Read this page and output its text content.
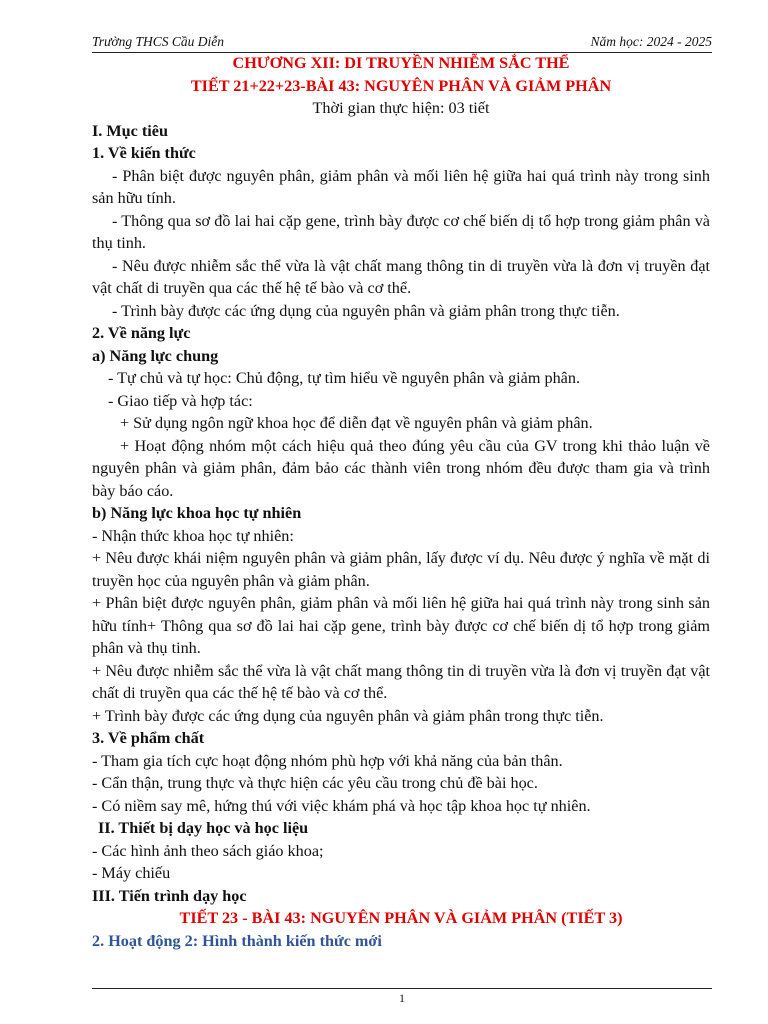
Trường THCS Cầu Diễn	Năm học: 2024 - 2025

CHƯƠNG XII: DI TRUYỀN NHIỄM SẮC THỂ

TIẾT 21+22+23-BÀI 43: NGUYÊN PHÂN VÀ GIẢM PHÂN

Thời gian thực hiện: 03 tiết

I. Mục tiêu

1. Về kiến thức

- Phân biệt được nguyên phân, giảm phân và mối liên hệ giữa hai quá trình này trong sinh sản hữu tính.

- Thông qua sơ đồ lai hai cặp gene, trình bày được cơ chế biến dị tổ hợp trong giảm phân và thụ tinh.

- Nêu được nhiễm sắc thể vừa là vật chất mang thông tin di truyền vừa là đơn vị truyền đạt vật chất di truyền qua các thế hệ tế bào và cơ thể.

- Trình bày được các ứng dụng của nguyên phân và giảm phân trong thực tiễn.

2. Về năng lực

a) Năng lực chung

- Tự chủ và tự học: Chủ động, tự tìm hiểu về nguyên phân và giảm phân.

- Giao tiếp và hợp tác:

+ Sử dụng ngôn ngữ khoa học để diễn đạt về nguyên phân và giảm phân.

+ Hoạt động nhóm một cách hiệu quả theo đúng yêu cầu của GV trong khi thảo luận về nguyên phân và giảm phân, đảm bảo các thành viên trong nhóm đều được tham gia và trình bày báo cáo.

b) Năng lực khoa học tự nhiên

- Nhận thức khoa học tự nhiên:

+ Nêu được khái niệm nguyên phân và giảm phân, lấy được ví dụ. Nêu được ý nghĩa về mặt di truyền học của nguyên phân và giảm phân.

+ Phân biệt được nguyên phân, giảm phân và mối liên hệ giữa hai quá trình này trong sinh sản hữu tính+ Thông qua sơ đồ lai hai cặp gene, trình bày được cơ chế biến dị tổ hợp trong giảm phân và thụ tinh.

+ Nêu được nhiễm sắc thể vừa là vật chất mang thông tin di truyền vừa là đơn vị truyền đạt vật chất di truyền qua các thế hệ tế bào và cơ thể.

+ Trình bày được các ứng dụng của nguyên phân và giảm phân trong thực tiễn.

3. Về phẩm chất

- Tham gia tích cực hoạt động nhóm phù hợp với khả năng của bản thân.

- Cẩn thận, trung thực và thực hiện các yêu cầu trong chủ đề bài học.

- Có niềm say mê, hứng thú với việc khám phá và học tập khoa học tự nhiên.

II. Thiết bị dạy học và học liệu

- Các hình ảnh theo sách giáo khoa;

- Máy chiếu

III. Tiến trình dạy học

TIẾT 23 - BÀI 43: NGUYÊN PHÂN VÀ GIẢM PHÂN (TIẾT 3)

2. Hoạt động 2: Hình thành kiến thức mới

1
